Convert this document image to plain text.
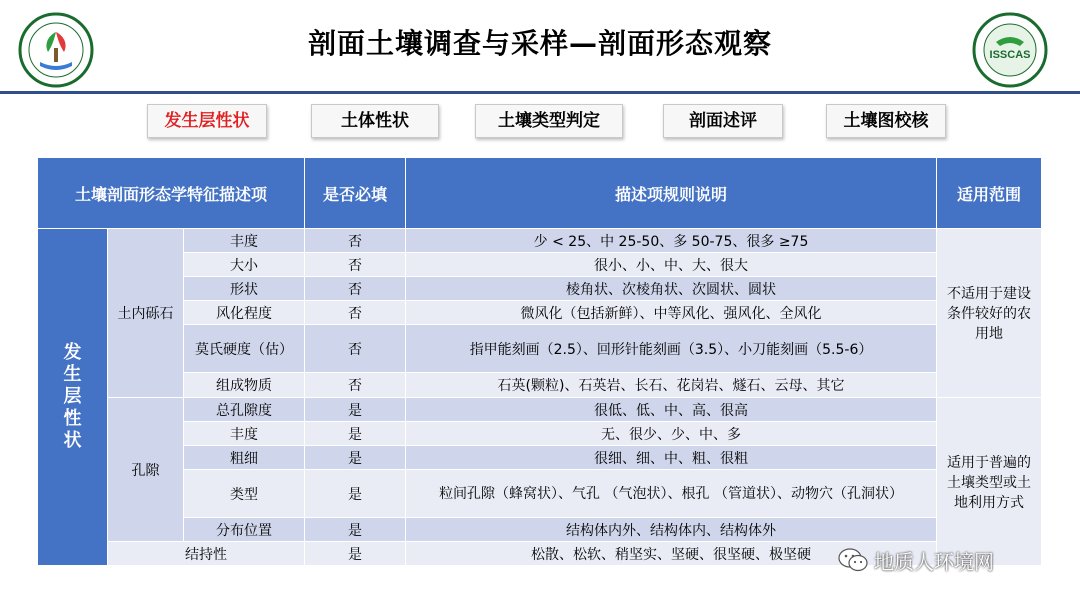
剖面土壤调查与采样—剖面形态观察	ISSCAS
发生层性状	土体性状	土壤类型判定	剖面述评	土壤图校核
土壤剖面形态学特征描述项			是否必填	描述项规则说明	适用范围

发生层性状	土内砾石	丰度	否	少 < 25、中 25-50、多 50-75、很多 ≥75	不适用于建设条件较好的农用地
		大小	否	很小、小、中、大、很大	
		形状	否	棱角状、次棱角状、次圆状、圆状	
		风化程度	否	微风化（包括新鲜）、中等风化、强风化、全风化	
		莫氏硬度（估）	否	指甲能刻画（2.5）、回形针能刻画（3.5）、小刀能刻画（5.5-6）	
		组成物质	否	石英(颗粒)、石英岩、长石、花岗岩、燧石、云母、其它	
	孔隙	总孔隙度	是	很低、低、中、高、很高	适用于普遍的土壤类型或土地利用方式
		丰度	是	无、很少、少、中、多	
		粗细	是	很细、细、中、粗、很粗	
		类型	是	粒间孔隙（蜂窝状）、气孔 （气泡状）、根孔 （管道状）、动物穴（孔洞状）	
		分布位置	是	结构体内外、结构体内、结构体外	
	结持性		是	松散、松软、稍坚实、坚硬、很坚硬、极坚硬		地质人环境网
